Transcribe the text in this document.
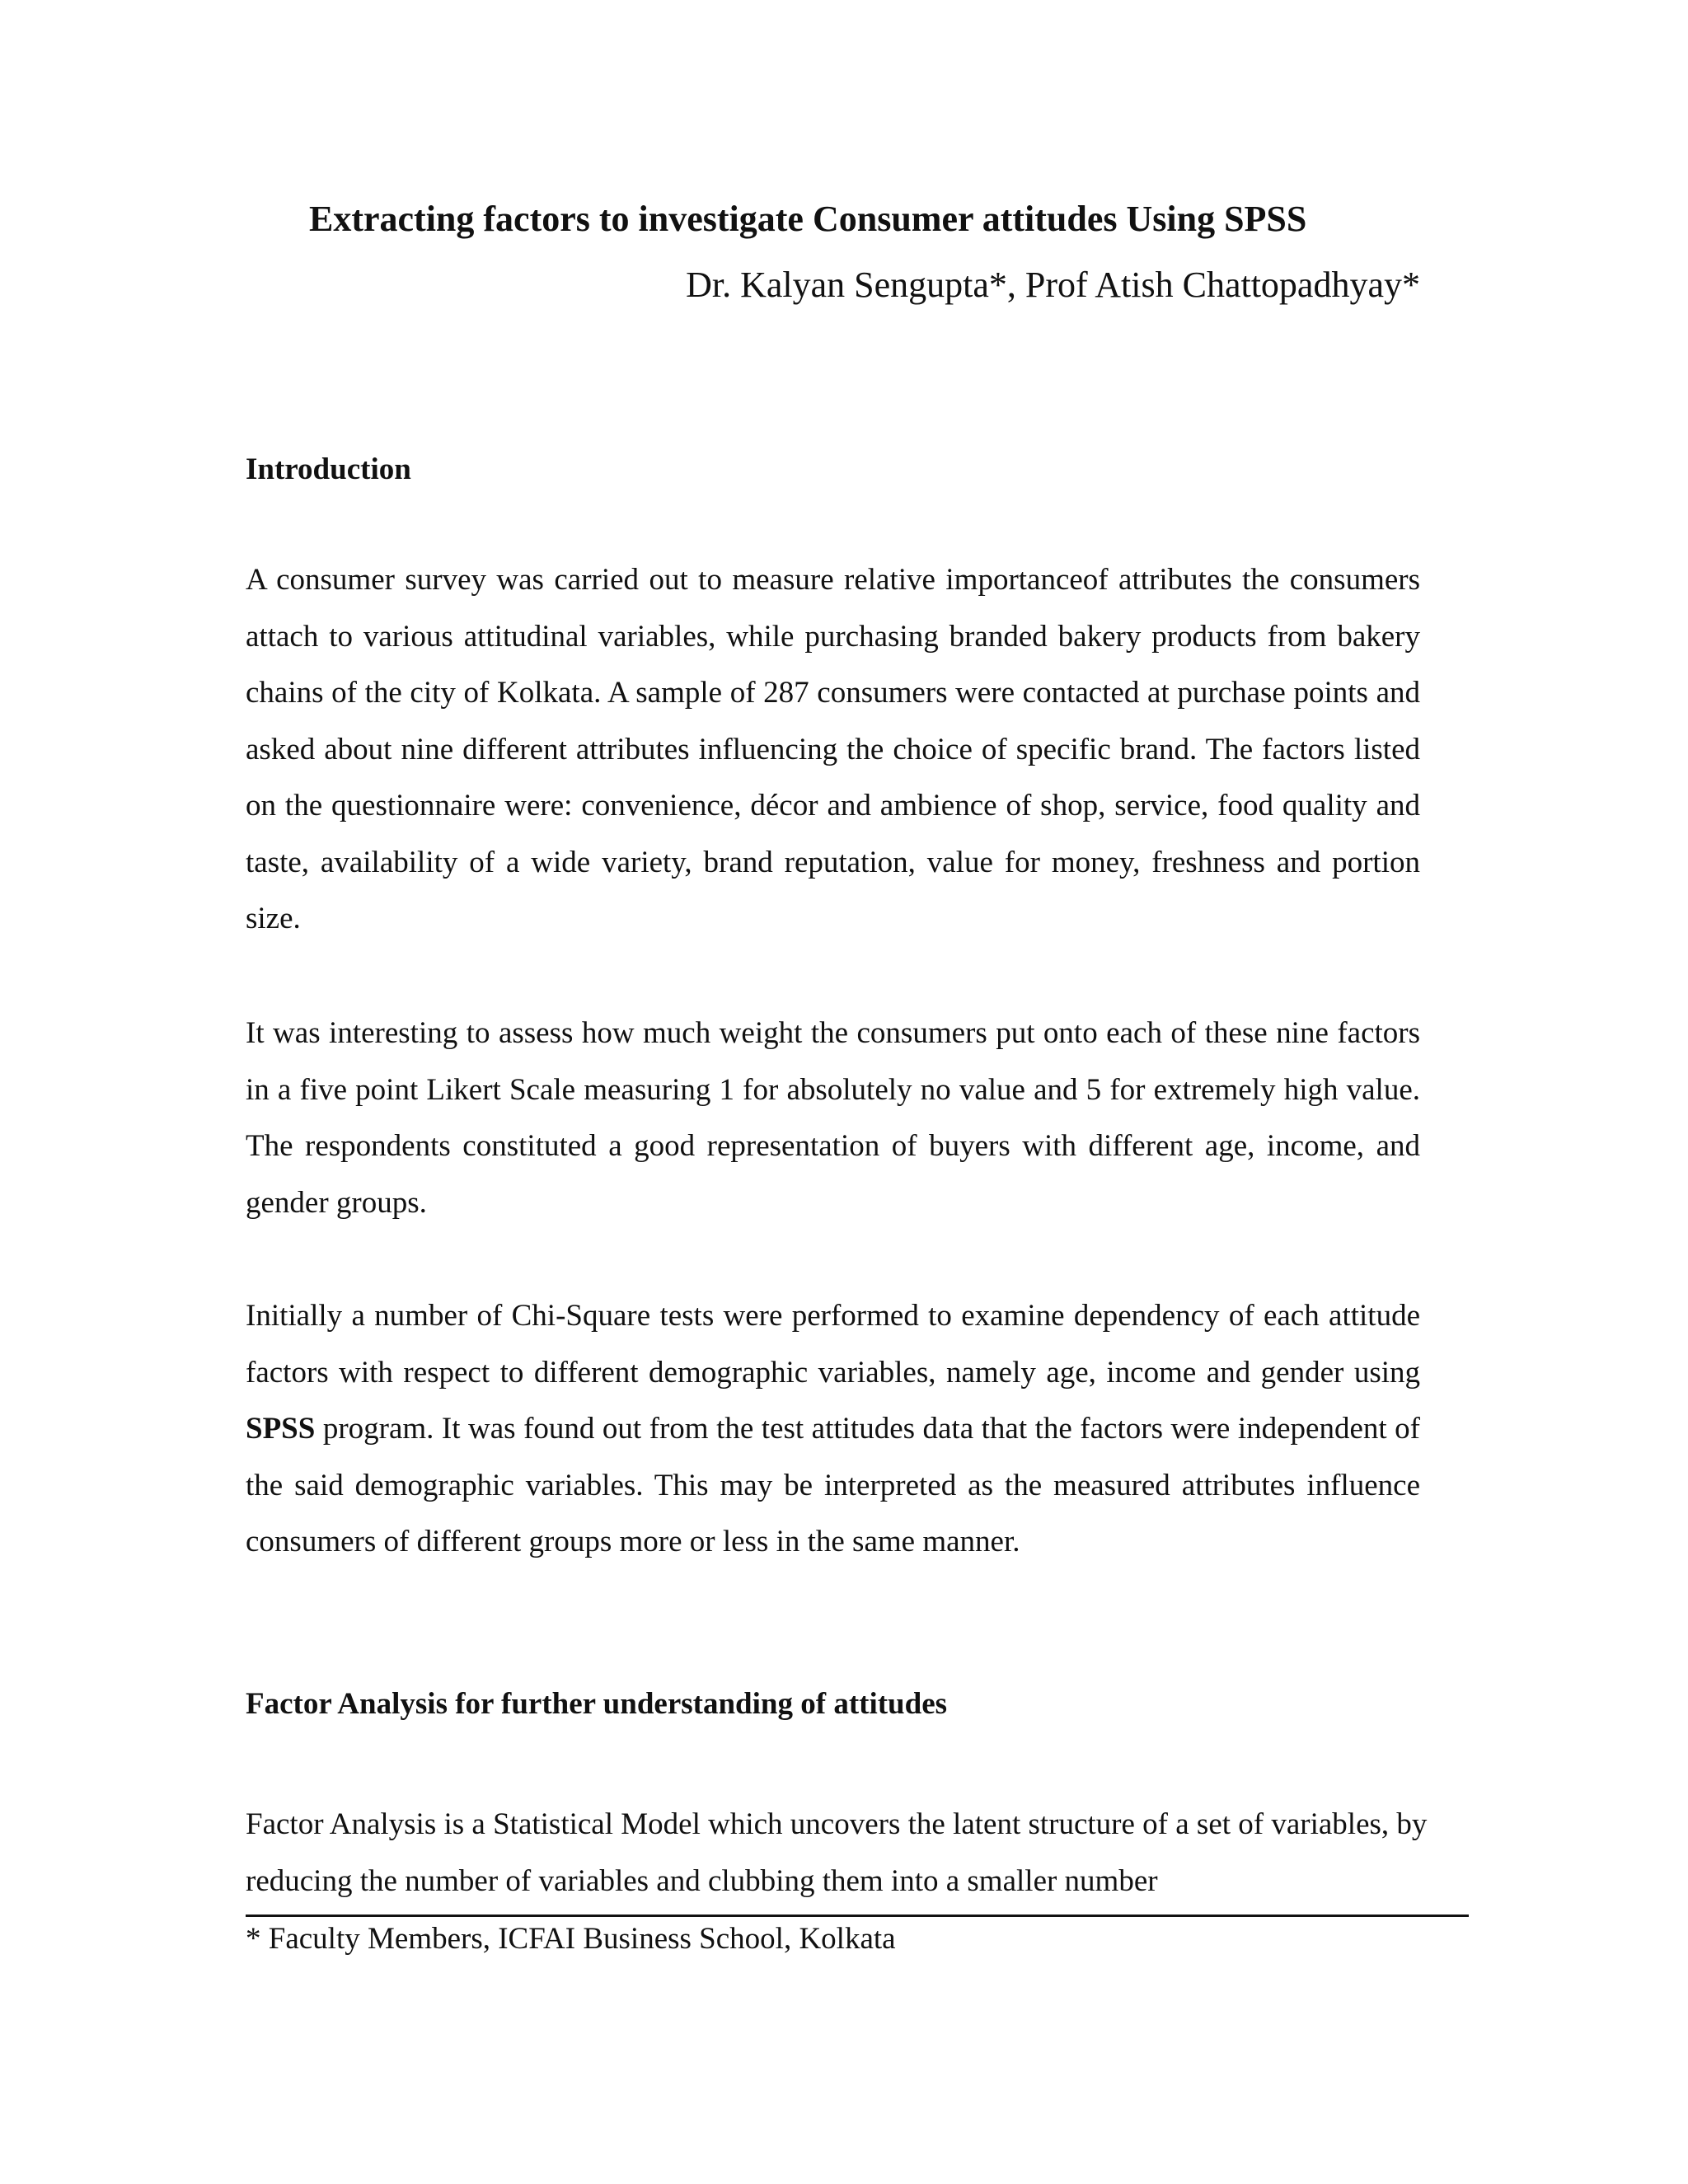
Extracting factors to investigate Consumer attitudes Using SPSS
Dr. Kalyan Sengupta*, Prof Atish Chattopadhyay*
Introduction

A consumer survey was carried out to measure relative importanceof attributes the consumers attach to various attitudinal variables, while purchasing branded bakery products from bakery chains of the city of Kolkata. A sample of 287 consumers were contacted at purchase points and asked about nine different attributes influencing the choice of specific brand. The factors listed on the questionnaire were: convenience, décor and ambience of shop, service, food quality and taste, availability of a wide variety, brand reputation, value for money, freshness and portion size.

It was interesting to assess how much weight the consumers put onto each of these nine factors in a five point Likert Scale measuring 1 for absolutely no value and 5 for extremely high value. The respondents constituted a good representation of buyers with different age, income, and gender groups.

Initially a number of Chi-Square tests were performed to examine dependency of each attitude factors with respect to different demographic variables, namely age, income and gender using SPSS program. It was found out from the test attitudes data that the factors were independent of the said demographic variables. This may be interpreted as the measured attributes influence consumers of different groups more or less in the same manner.

Factor Analysis for further understanding of attitudes

Factor Analysis is a Statistical Model which uncovers the latent structure of a set of variables, by reducing the number of variables and clubbing them into a smaller number

* Faculty Members, ICFAI Business School, Kolkata
